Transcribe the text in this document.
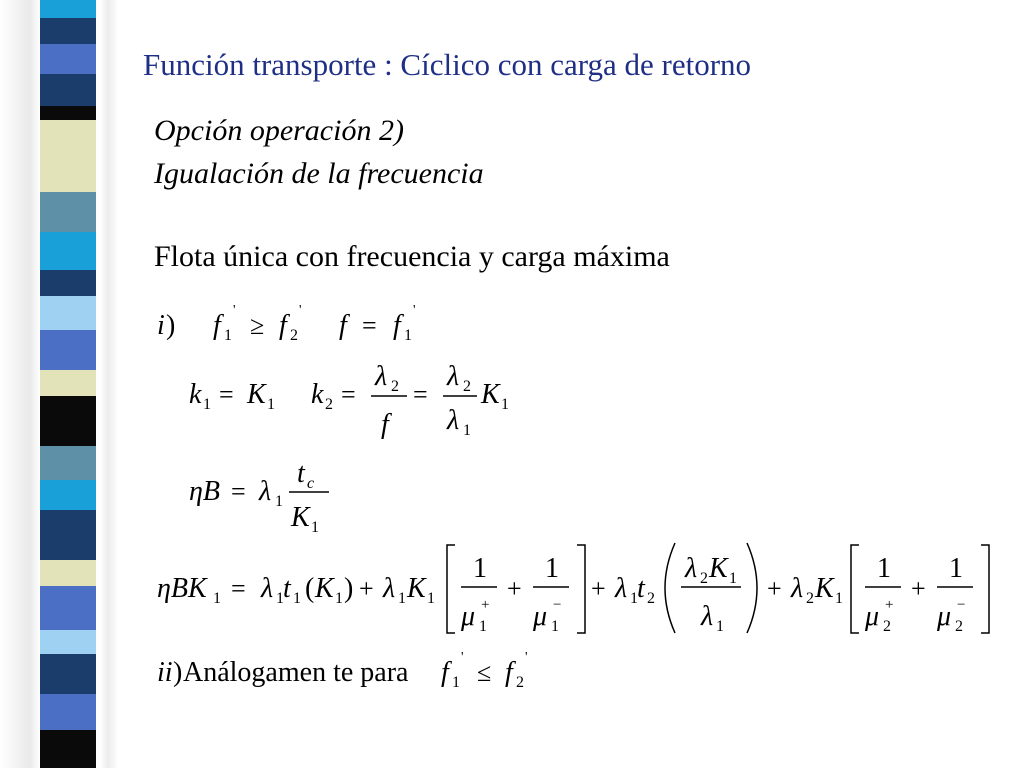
Función transporte : Cíclico con carga de retorno

Opción operación 2)

Igualación de la frecuencia

Flota única con frecuencia y carga máxima

i ) f 1
'
≥ f 2
' f = f 1
'
k 1 = K 1 k 2 =
λ 2
f
=
λ 2
λ 1
K 1
ηB = λ 1
t c
K 1
ηBK 1 = λ 1 t 1 ( K 1 ) + λ 1 K 1
1
μ +
1
+
1
μ −
1
+ λ 1 t 2
λ 2 K 1
λ 1
+ λ 2 K 1
1
μ +
2
+
1
μ −
2
ii ) Análogamen te para f 1
'
≤ f 2
'
